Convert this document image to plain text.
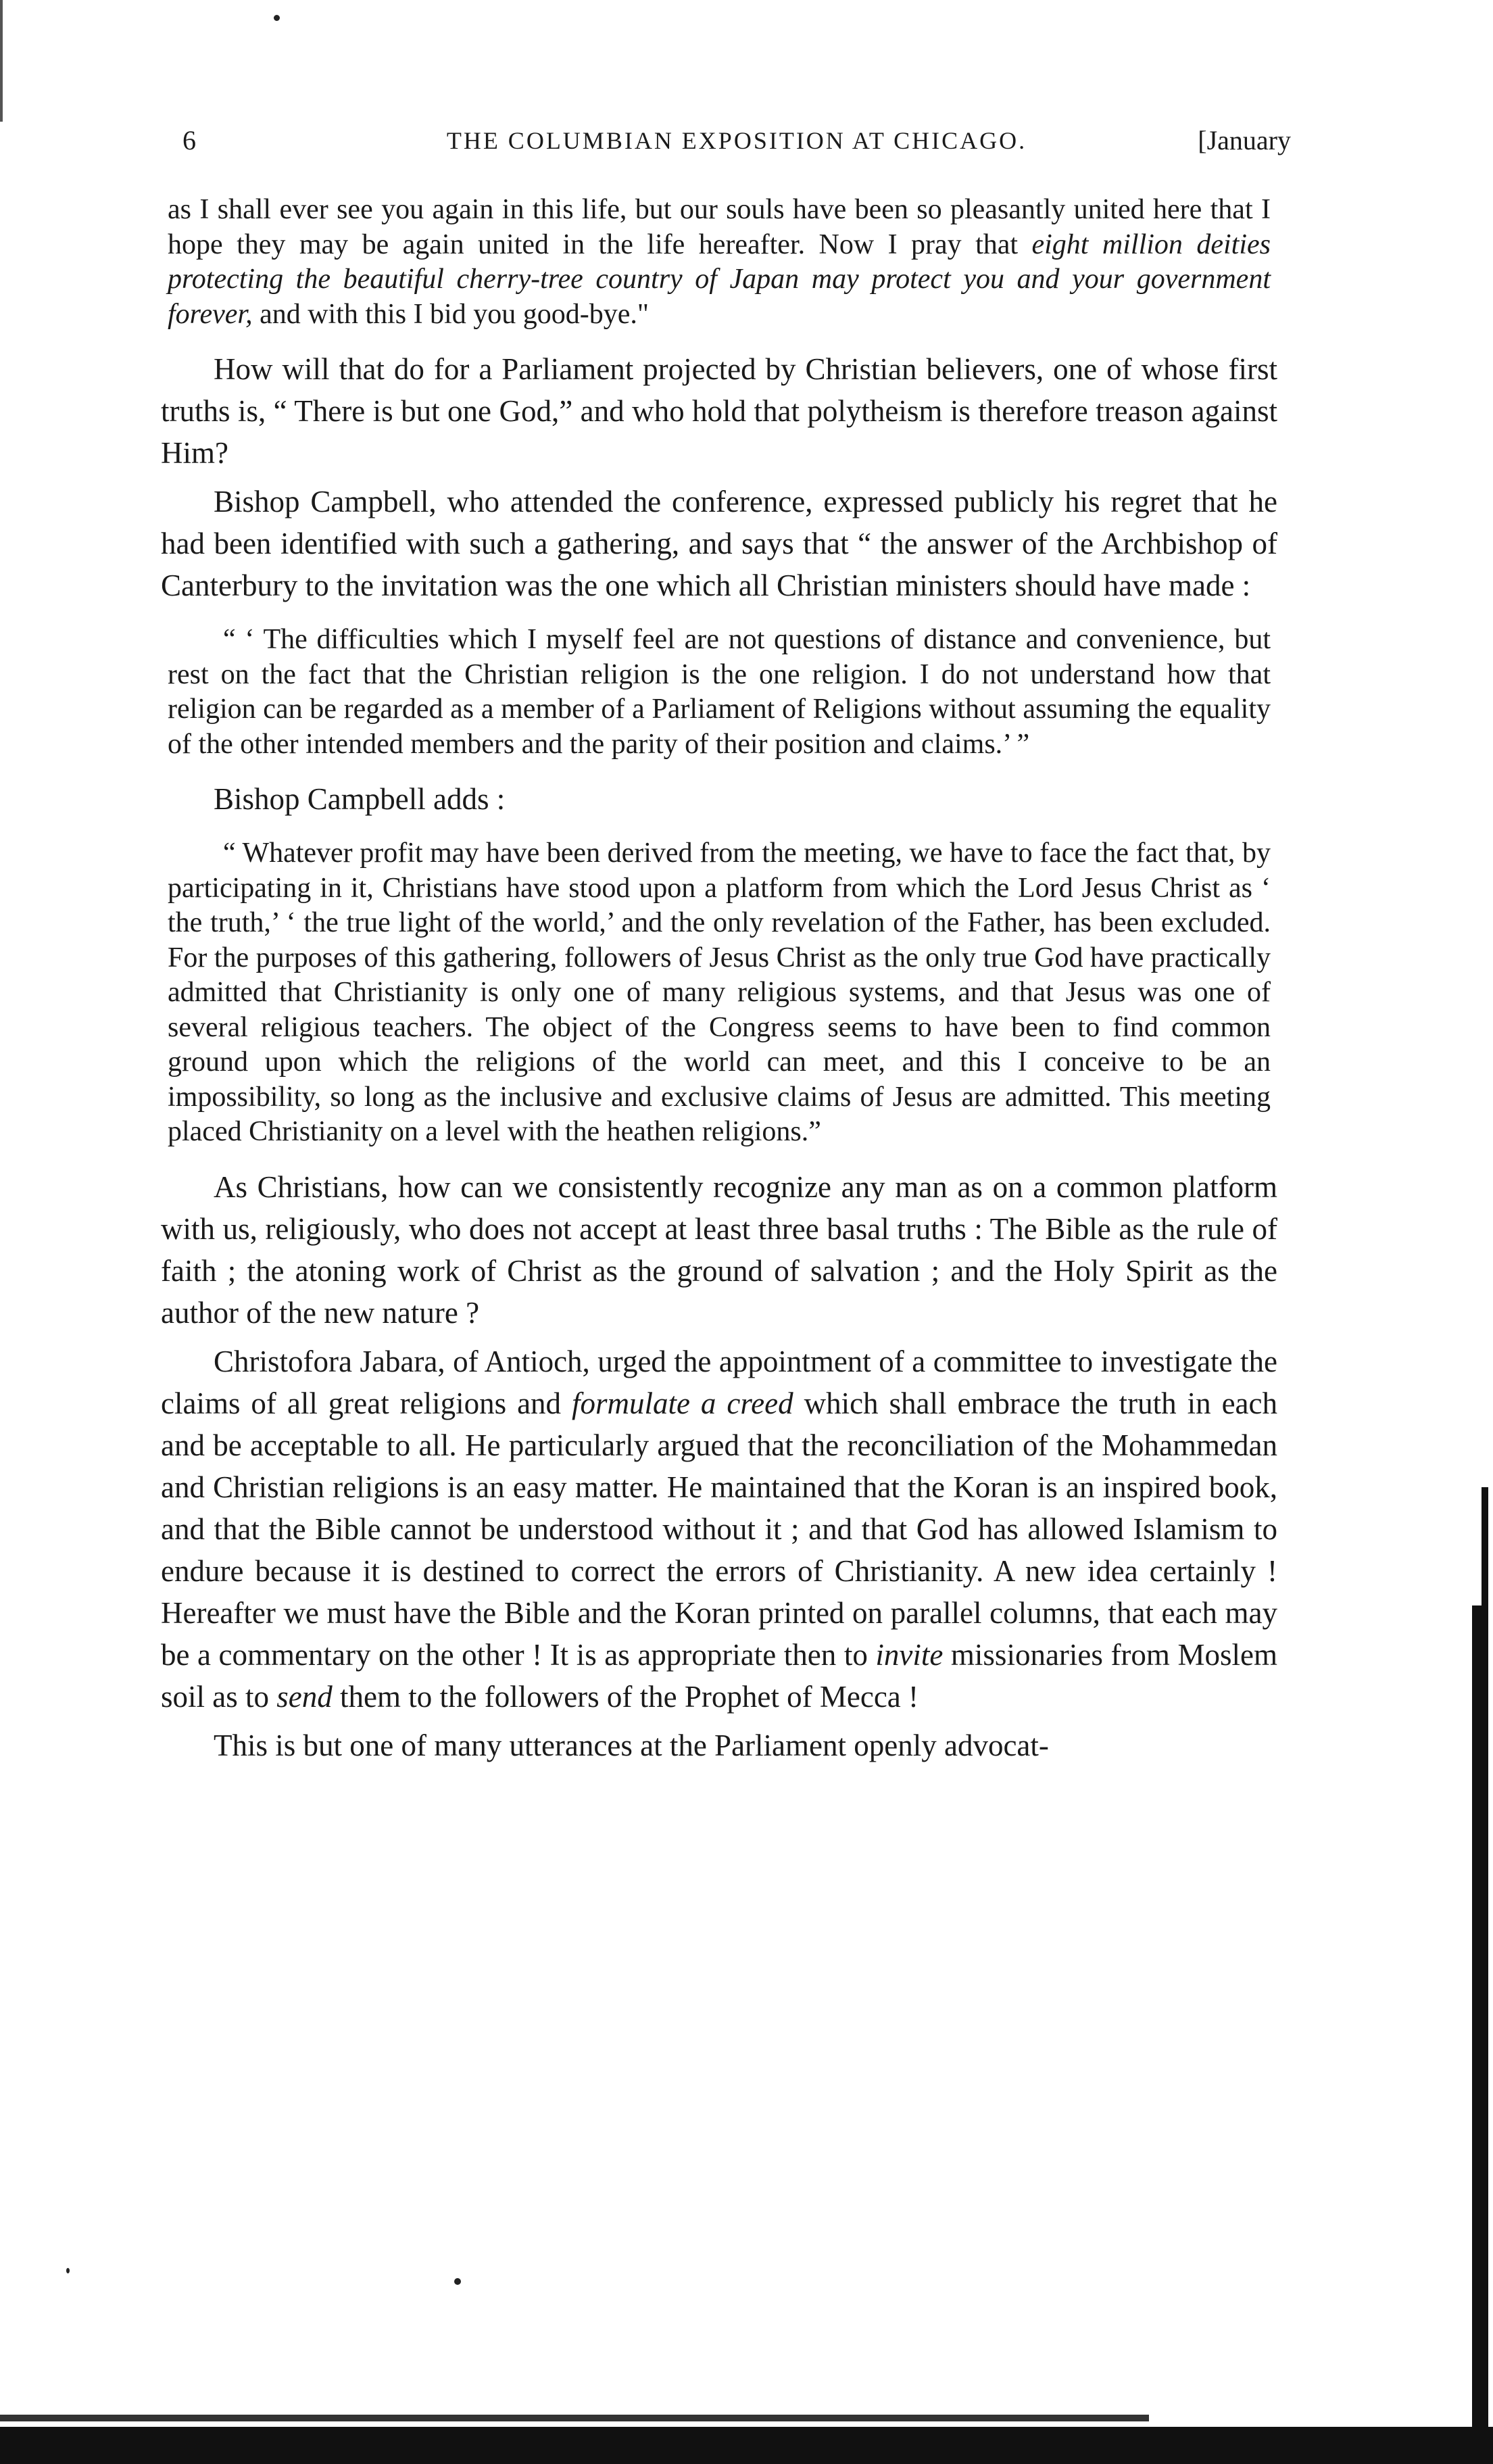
6	THE COLUMBIAN EXPOSITION AT CHICAGO.	[January

as I shall ever see you again in this life, but our souls have been so pleasantly united here that I hope they may be again united in the life hereafter. Now I pray that eight million deities protecting the beautiful cherry-tree country of Japan may protect you and your government forever, and with this I bid you good-bye."

How will that do for a Parliament projected by Christian believers, one of whose first truths is, “ There is but one God,” and who hold that polytheism is therefore treason against Him?

Bishop Campbell, who attended the conference, expressed publicly his regret that he had been identified with such a gathering, and says that “ the answer of the Archbishop of Canterbury to the invitation was the one which all Christian ministers should have made :

“ ‘ The difficulties which I myself feel are not questions of distance and convenience, but rest on the fact that the Christian religion is the one religion. I do not understand how that religion can be regarded as a member of a Parliament of Religions without assuming the equality of the other intended members and the parity of their position and claims.’ ”

Bishop Campbell adds :

“ Whatever profit may have been derived from the meeting, we have to face the fact that, by participating in it, Christians have stood upon a platform from which the Lord Jesus Christ as ‘ the truth,’ ‘ the true light of the world,’ and the only revelation of the Father, has been excluded. For the purposes of this gathering, followers of Jesus Christ as the only true God have practically admitted that Christianity is only one of many religious systems, and that Jesus was one of several religious teachers. The object of the Congress seems to have been to find common ground upon which the religions of the world can meet, and this I conceive to be an impossibility, so long as the inclusive and exclusive claims of Jesus are admitted. This meeting placed Christianity on a level with the heathen religions.”

As Christians, how can we consistently recognize any man as on a common platform with us, religiously, who does not accept at least three basal truths : The Bible as the rule of faith ; the atoning work of Christ as the ground of salvation ; and the Holy Spirit as the author of the new nature ?

Christofora Jabara, of Antioch, urged the appointment of a committee to investigate the claims of all great religions and formulate a creed which shall embrace the truth in each and be acceptable to all. He particularly argued that the reconciliation of the Mohammedan and Christian religions is an easy matter. He maintained that the Koran is an inspired book, and that the Bible cannot be understood without it ; and that God has allowed Islamism to endure because it is destined to correct the errors of Christianity. A new idea certainly ! Hereafter we must have the Bible and the Koran printed on parallel columns, that each may be a commentary on the other ! It is as appropriate then to invite missionaries from Moslem soil as to send them to the followers of the Prophet of Mecca !

This is but one of many utterances at the Parliament openly advocat-
